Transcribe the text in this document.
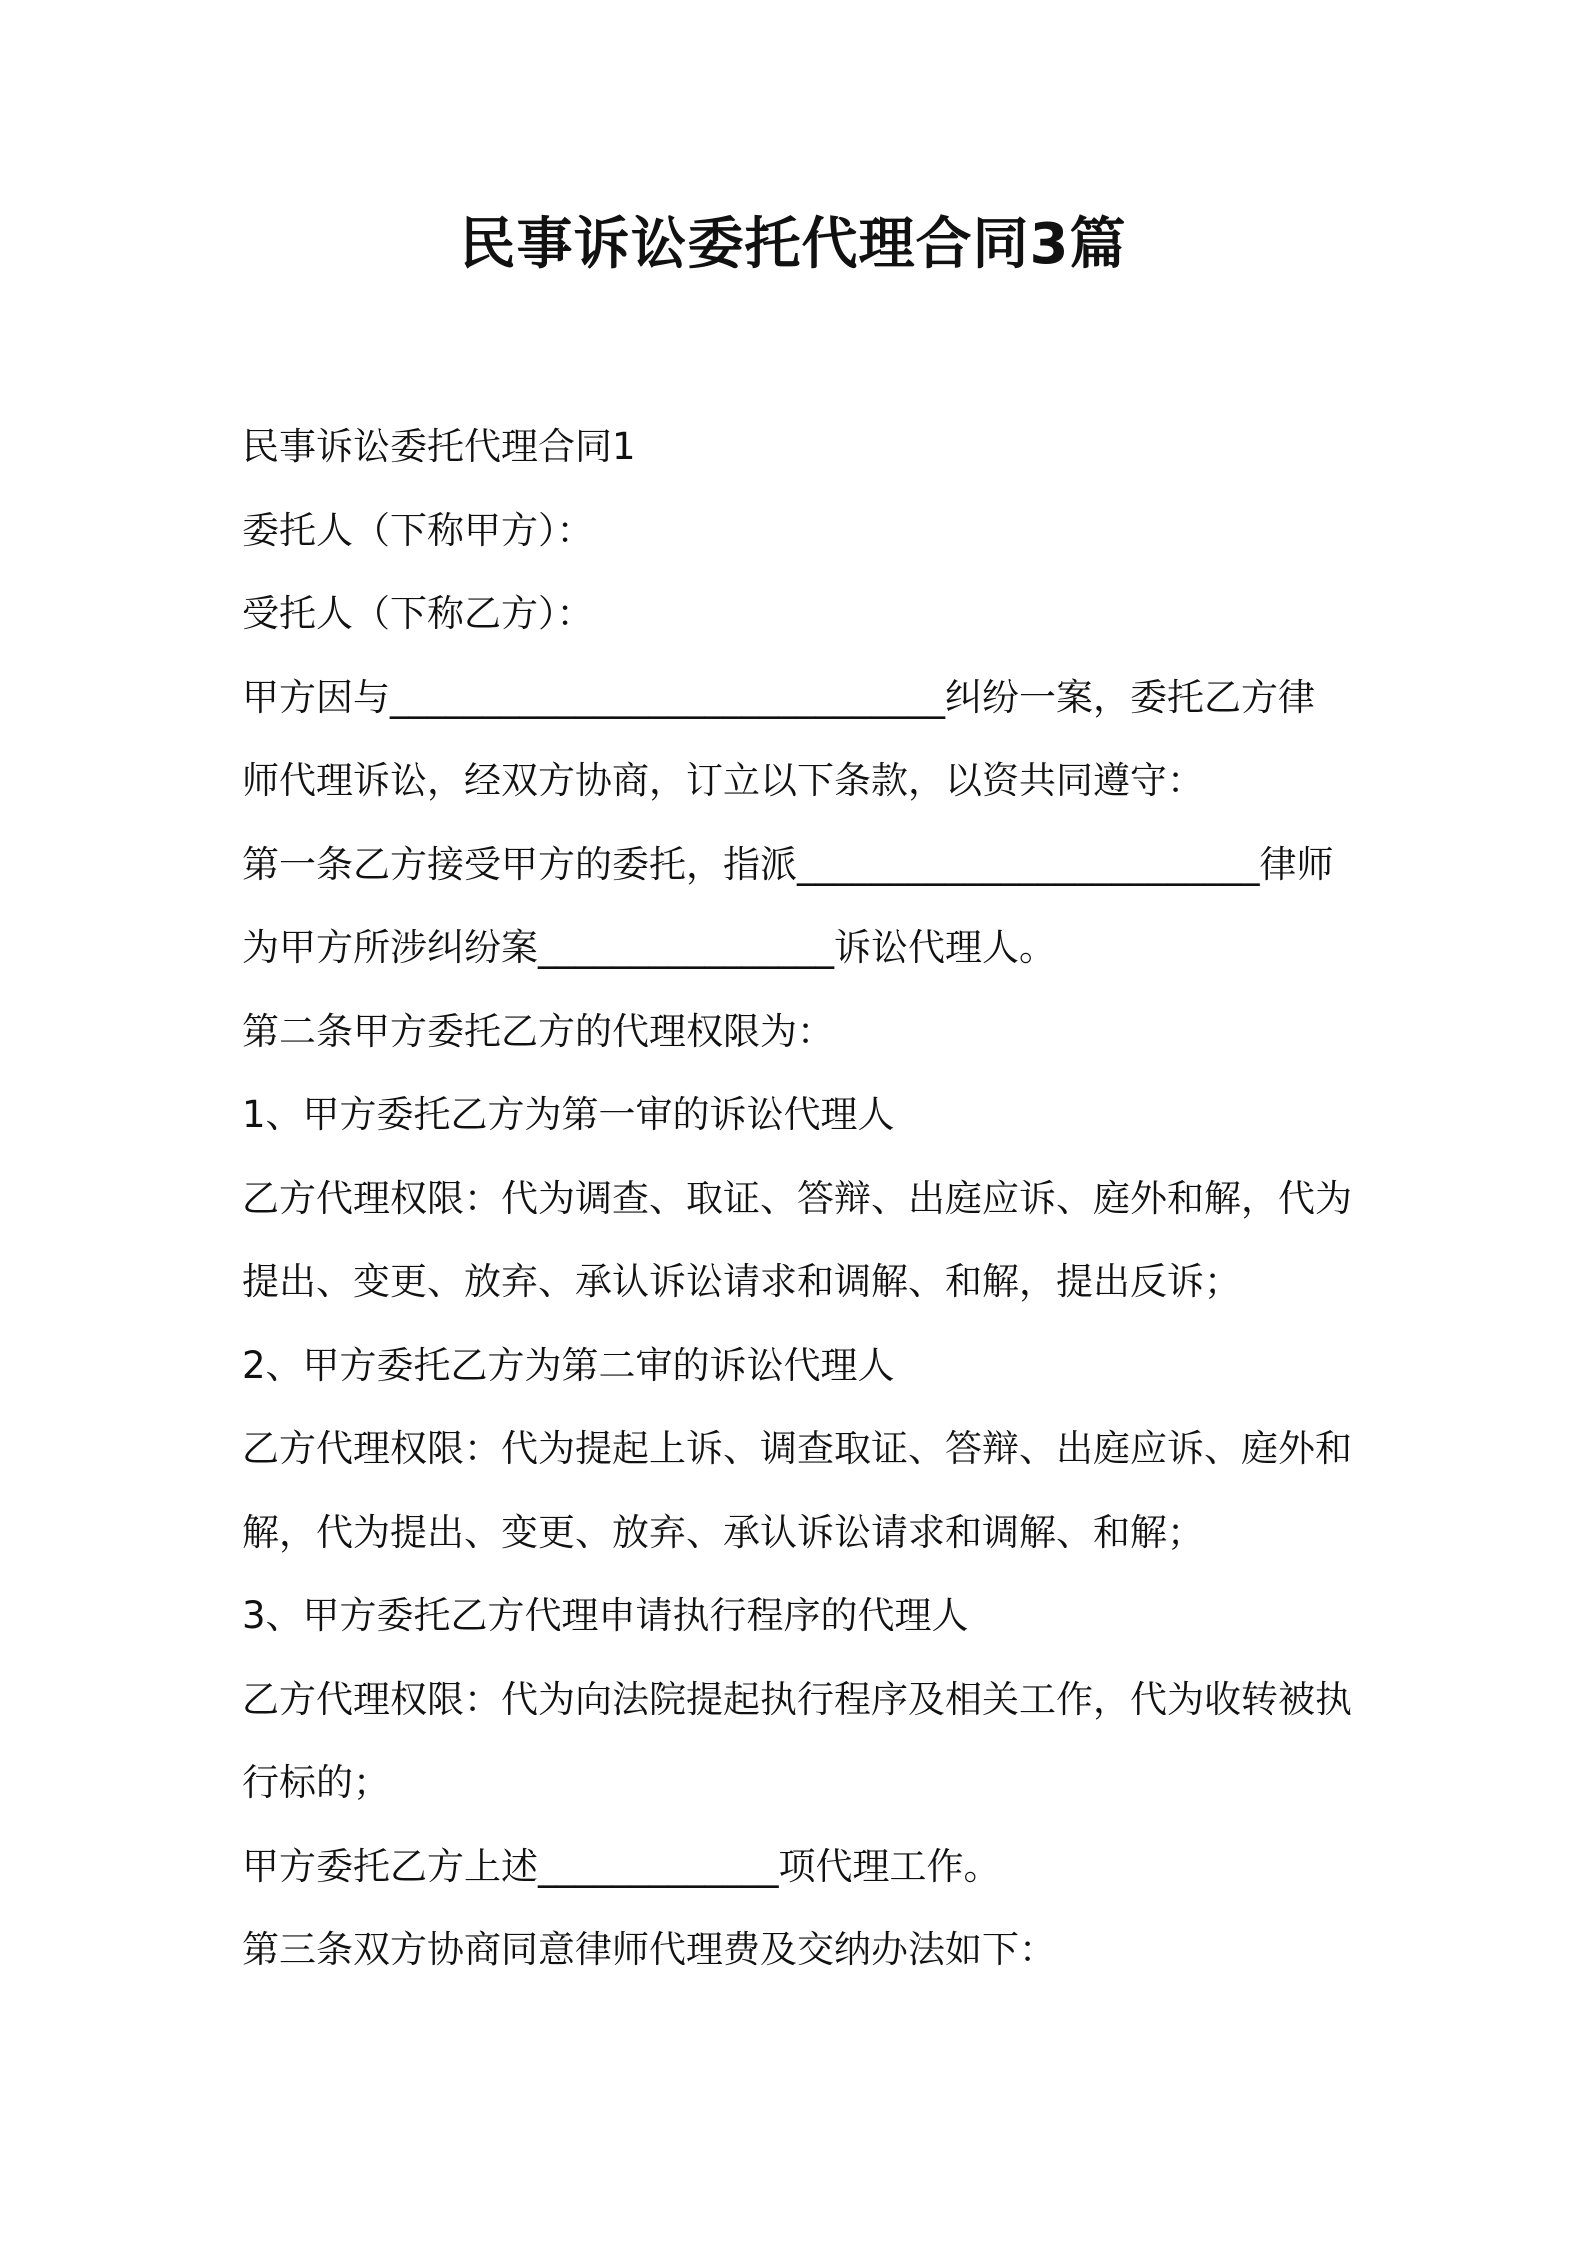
民事诉讼委托代理合同3篇

民事诉讼委托代理合同1

委托人（下称甲方）：

受托人（下称乙方）：

甲方因与______________________________纠纷一案，委托乙方律

师代理诉讼，经双方协商，订立以下条款，以资共同遵守：

第一条乙方接受甲方的委托，指派_________________________律师

为甲方所涉纠纷案________________诉讼代理人。

第二条甲方委托乙方的代理权限为：

1、甲方委托乙方为第一审的诉讼代理人

乙方代理权限：代为调查、取证、答辩、出庭应诉、庭外和解，代为

提出、变更、放弃、承认诉讼请求和调解、和解，提出反诉；

2、甲方委托乙方为第二审的诉讼代理人

乙方代理权限：代为提起上诉、调查取证、答辩、出庭应诉、庭外和

解，代为提出、变更、放弃、承认诉讼请求和调解、和解；

3、甲方委托乙方代理申请执行程序的代理人

乙方代理权限：代为向法院提起执行程序及相关工作，代为收转被执

行标的；

甲方委托乙方上述_____________项代理工作。

第三条双方协商同意律师代理费及交纳办法如下：
